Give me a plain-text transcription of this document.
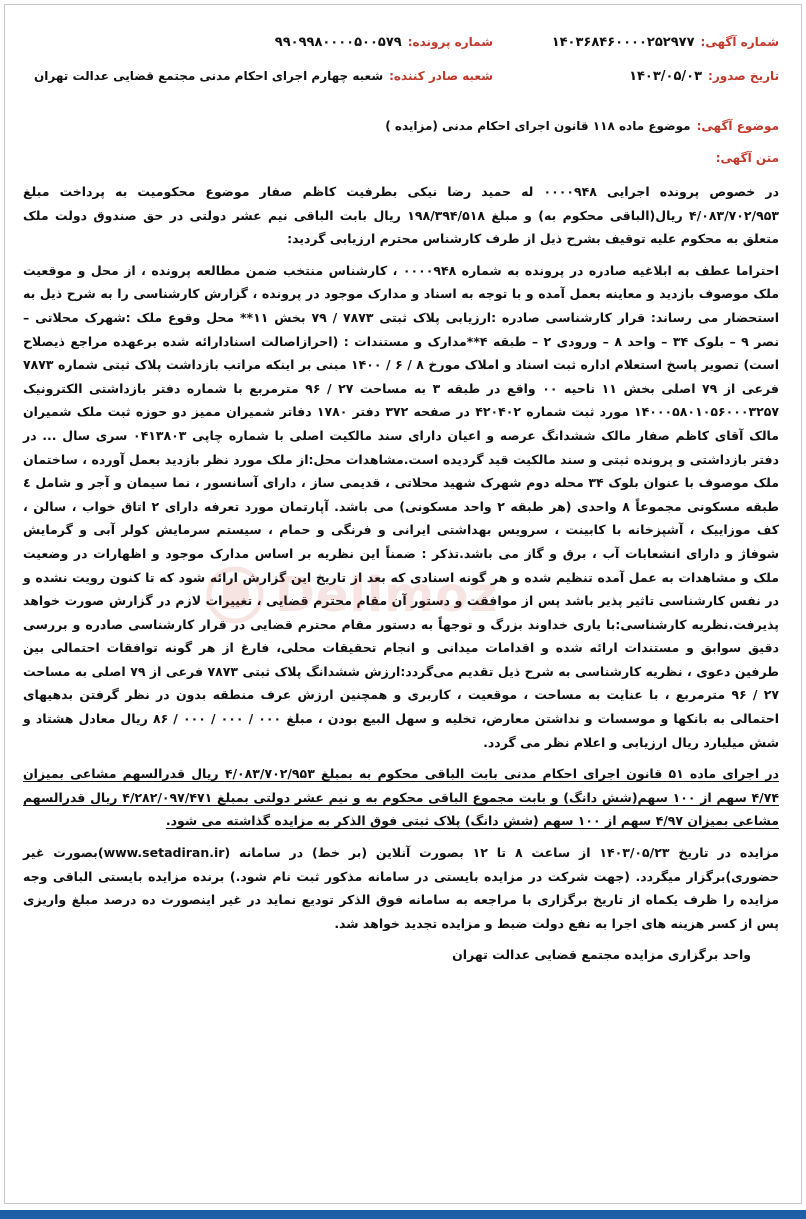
شماره آگهی:
۱۴۰۳۶۸۴۶۰۰۰۰۲۵۲۹۷۷
شماره پرونده:
۹۹۰۹۹۸۰۰۰۰۵۰۰۵۷۹
تاریخ صدور:
۱۴۰۳/۰۵/۰۳
شعبه صادر کننده:
شعبه چهارم اجرای احکام مدنی مجتمع قضایی عدالت تهران
موضوع آگهی:
موضوع ماده ۱۱۸ قانون اجرای احکام مدنی (مزایده )
متن آگهی:

در خصوص پرونده اجرایی ۰۰۰۰۹۴۸ له حمید رضا نیکی بطرفیت کاظم صفار موضوع محکومیت به پرداخت مبلغ ۴/۰۸۳/۷۰۲/۹۵۳ ریال(الباقی محکوم به) و مبلغ ۱۹۸/۳۹۴/۵۱۸ ریال بابت الباقی نیم عشر دولتی در حق صندوق دولت ملک متعلق به محکوم علیه توقیف بشرح ذیل از طرف کارشناس محترم ارزیابی گردید:

احتراما عطف به ابلاغیه صادره در پرونده به شماره ۰۰۰۰۹۴۸ ، کارشناس منتخب ضمن مطالعه پرونده ، از محل و موقعیت ملک موصوف بازدید و معاینه بعمل آمده و با توجه به اسناد و مدارک موجود در پرونده ، گزارش کارشناسی را به شرح ذیل به استحضار می رساند: قرار کارشناسی صادره :ارزیابی پلاک ثبتی ۷۸۷۳ / ۷۹ بخش ۱۱** محل وقوع ملک :شهرک محلاتی – نصر ۹ – بلوک ۳۴ – واحد ۸ – ورودی ۲ – طبقه ۴**مدارک و مستندات : (احرازاصالت اسنادارائه شده برعهده مراجع ذیصلاح است) تصویر پاسخ استعلام اداره ثبت اسناد و املاک مورخ ۸ / ۶ / ۱۴۰۰ مبنی بر اینکه مراتب بازداشت پلاک ثبتی شماره ۷۸۷۳ فرعی از ۷۹ اصلی بخش ۱۱ ناحیه ۰۰ واقع در طبقه ۳ به مساحت ۲۷ / ۹۶ مترمربع با شماره دفتر بازداشتی الکترونیک ۱۴۰۰۰۵۸۰۱۰۵۶۰۰۰۳۲۵۷ مورد ثبت شماره ۴۲۰۴۰۲ در صفحه ۳۷۲ دفتر ۱۷۸۰ دفاتر شمیران ممیز دو حوزه ثبت ملک شمیران مالک آقای کاظم صفار مالک ششدانگ عرصه و اعیان دارای سند مالکیت اصلی با شماره چاپی ۰۴۱۳۸۰۳ سری سال ... در دفتر بازداشتی و پرونده ثبتی و سند مالکیت قید گردیده است.مشاهدات محل:از ملک مورد نظر بازدید بعمل آورده ، ساختمان ملک موصوف با عنوان بلوک ۳۴ محله دوم شهرک شهید محلاتی ، قدیمی ساز ، دارای آسانسور ، نما سیمان و آجر و شامل ٤ طبقه مسکونی مجموعاً ۸ واحدی (هر طبقه ۲ واحد مسکونی) می باشد. آپارتمان مورد تعرفه دارای ۲ اتاق خواب ، سالن ، کف موزاییک ، آشپزخانه با کابینت ، سرویس بهداشتی ایرانی و فرنگی و حمام ، سیستم سرمایش کولر آبی و گرمایش شوفاژ و دارای انشعابات آب ، برق و گاز می باشد.تذکر : ضمناً این نظریه بر اساس مدارک موجود و اظهارات در وضعیت ملک و مشاهدات به عمل آمده تنظیم شده و هر گونه اسنادی که بعد از تاریخ این گزارش ارائه شود که تا کنون رویت نشده و در نفس کارشناسی تاثیر پذیر باشد پس از موافقت و دستور آن مقام محترم قضایی ، تغییرات لازم در گزارش صورت خواهد پذیرفت.نظریه کارشناسی:با یاری خداوند بزرگ و توجهاً به دستور مقام محترم قضایی در قرار کارشناسی صادره و بررسی دقیق سوابق و مستندات ارائه شده و اقدامات میدانی و انجام تحقیقات محلی، فارغ از هر گونه توافقات احتمالی بین طرفین دعوی ، نظریه کارشناسی به شرح ذیل تقدیم می‌گردد:ارزش ششدانگ پلاک ثبتی ۷۸۷۳ فرعی از ۷۹ اصلی به مساحت ۲۷ / ۹۶ مترمربع ، با عنایت به مساحت ، موقعیت ، کاربری و همچنین ارزش عرف منطقه بدون در نظر گرفتن بدهیهای احتمالی به بانکها و موسسات و نداشتن معارض، تخلیه و سهل البیع بودن ، مبلغ ۰۰۰ / ۰۰۰ / ۰۰۰ / ۸۶ ریال معادل هشتاد و شش میلیارد ریال ارزیابی و اعلام نظر می گردد.

در اجرای ماده ۵۱ قانون اجرای احکام مدنی بابت الباقی محکوم به بمبلغ ۴/۰۸۳/۷۰۲/۹۵۳ ریال قدرالسهم مشاعی بمیزان ۴/۷۴ سهم از ۱۰۰ سهم(شش دانگ) و بابت مجموع الباقی محکوم به و نیم عشر دولتی بمبلغ ۴/۲۸۲/۰۹۷/۴۷۱ ریال قدرالسهم مشاعی بمیزان ۴/۹۷ سهم از ۱۰۰ سهم (شش دانگ) پلاک ثبتی فوق الذکر به مزایده گذاشته می شود.

مزایده در تاریخ ۱۴۰۳/۰۵/۲۳ از ساعت ۸ تا ۱۲ بصورت آنلاین (بر خط) در سامانه (www.setadiran.ir)بصورت غیر حضوری)برگزار میگردد. (جهت شرکت در مزایده بایستی در سامانه مذکور ثبت نام شود.) برنده مزایده بایستی الباقی وجه مزایده را ظرف یکماه از تاریخ برگزاری با مراجعه به سامانه فوق الذکر توديع نمايد در غیر اینصورت ده درصد مبلغ واریزی پس از کسر هزینه های اجرا به نفع دولت ضبط و مزایده تجدید خواهد شد.

واحد برگزاری مزایده مجتمع قضایی عدالت تهران
Dellmoz
